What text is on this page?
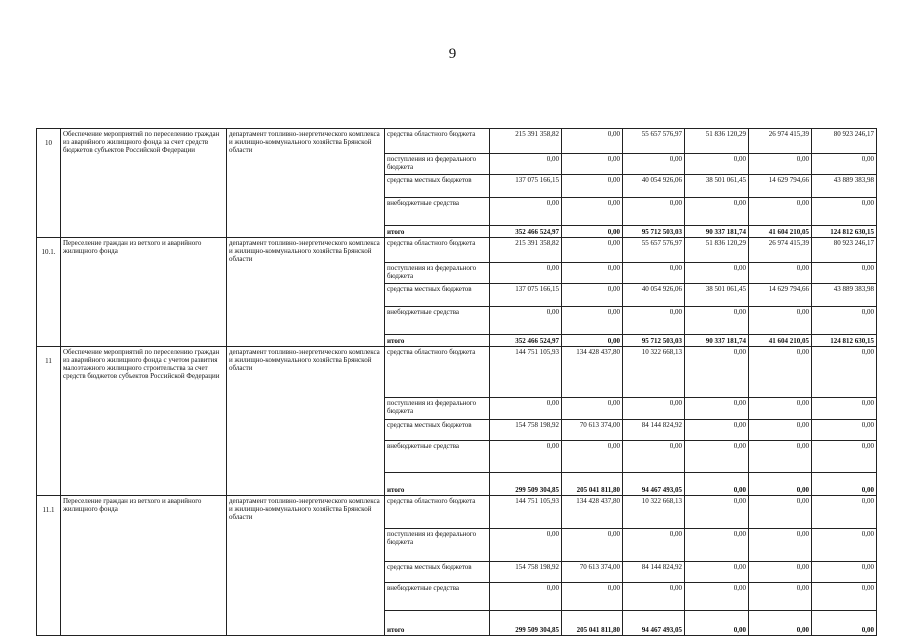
9
10	Обеспечение мероприятий по переселению граждан из аварийного жилищного фонда за счет средств бюджетов субъектов Российской Федерации	департамент топливно-энергетического комплекса и жилищно-коммунального хозяйства Брянской области	средства областного бюджета	215 391 358,82	0,00	55 657 576,97	51 836 120,29	26 974 415,39	80 923 246,17
			поступления из федерального бюджета	0,00	0,00	0,00	0,00	0,00	0,00
			средства местных бюджетов	137 075 166,15	0,00	40 054 926,06	38 501 061,45	14 629 794,66	43 889 383,98
			внебюджетные средства	0,00	0,00	0,00	0,00	0,00	0,00
			итого	352 466 524,97	0,00	95 712 503,03	90 337 181,74	41 604 210,05	124 812 630,15
10.1.	Переселение граждан из ветхого и аварийного жилищного фонда	департамент топливно-энергетического комплекса и жилищно-коммунального хозяйства Брянской области	средства областного бюджета	215 391 358,82	0,00	55 657 576,97	51 836 120,29	26 974 415,39	80 923 246,17
			поступления из федерального бюджета	0,00	0,00	0,00	0,00	0,00	0,00
			средства местных бюджетов	137 075 166,15	0,00	40 054 926,06	38 501 061,45	14 629 794,66	43 889 383,98
			внебюджетные средства	0,00	0,00	0,00	0,00	0,00	0,00
			итого	352 466 524,97	0,00	95 712 503,03	90 337 181,74	41 604 210,05	124 812 630,15
11	Обеспечение мероприятий по переселению граждан из аварийного жилищного фонда с учетом развития малоэтажного жилищного строительства за счет средств бюджетов субъектов Российской Федерации	департамент топливно-энергетического комплекса и жилищно-коммунального хозяйства Брянской области	средства областного бюджета	144 751 105,93	134 428 437,80	10 322 668,13	0,00	0,00	0,00
			поступления из федерального бюджета	0,00	0,00	0,00	0,00	0,00	0,00
			средства местных бюджетов	154 758 198,92	70 613 374,00	84 144 824,92	0,00	0,00	0,00
			внебюджетные средства	0,00	0,00	0,00	0,00	0,00	0,00
			итого	299 509 304,85	205 041 811,80	94 467 493,05	0,00	0,00	0,00
11.1	Переселение граждан из ветхого и аварийного жилищного фонда	департамент топливно-энергетического комплекса и жилищно-коммунального хозяйства Брянской области	средства областного бюджета	144 751 105,93	134 428 437,80	10 322 668,13	0,00	0,00	0,00
			поступления из федерального бюджета	0,00	0,00	0,00	0,00	0,00	0,00
			средства местных бюджетов	154 758 198,92	70 613 374,00	84 144 824,92	0,00	0,00	0,00
			внебюджетные средства	0,00	0,00	0,00	0,00	0,00	0,00
			итого	299 509 304,85	205 041 811,80	94 467 493,05	0,00	0,00	0,00
